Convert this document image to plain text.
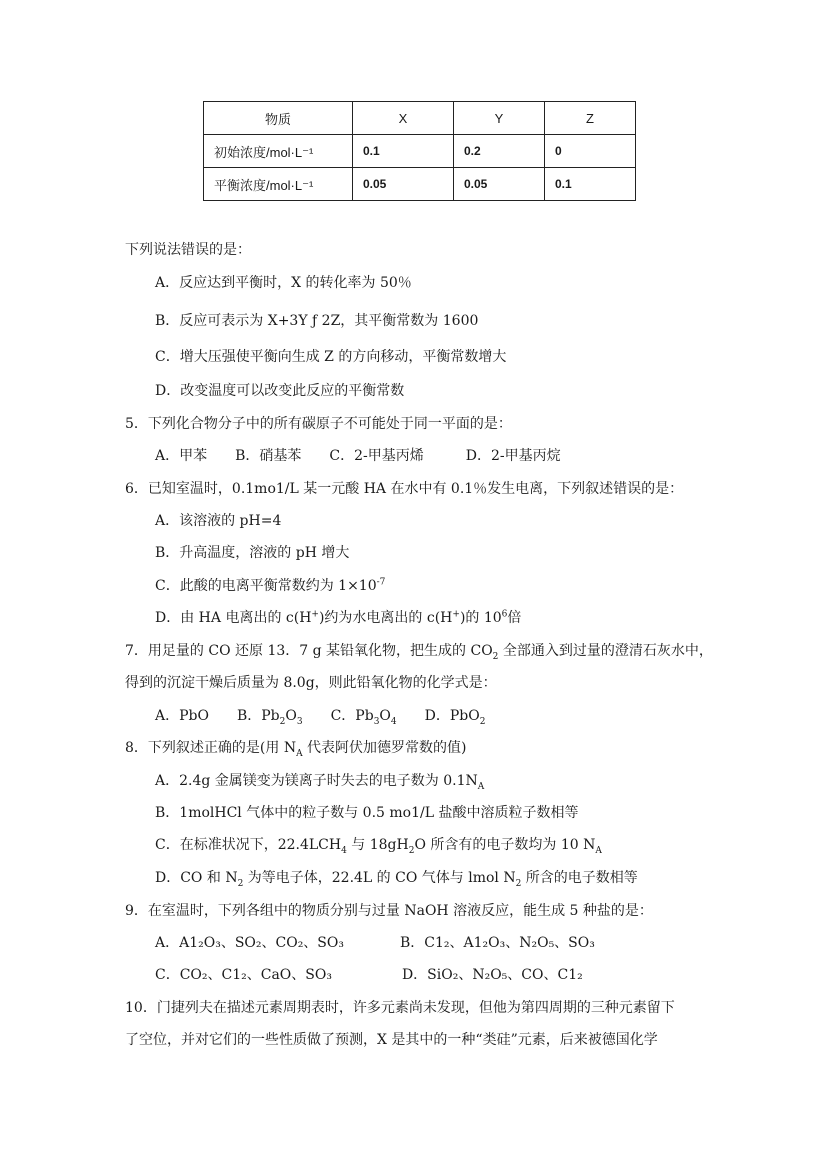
物质	X	Y	Z
初始浓度/mol·L⁻¹	0.1	0.2	0
平衡浓度/mol·L⁻¹	0.05	0.05	0.1
下列说法错误的是：
A．反应达到平衡时，X 的转化率为 50％
B．反应可表示为 X+3Y ƒ 2Z，其平衡常数为 1600
C．增大压强使平衡向生成 Z 的方向移动，平衡常数增大
D．改变温度可以改变此反应的平衡常数
5．下列化合物分子中的所有碳原子不可能处于同一平面的是：
A．甲苯　　B．硝基苯　　C．2-甲基丙烯　　　D．2-甲基丙烷
6．已知室温时，0.1mo1/L 某一元酸 HA 在水中有 0.1％发生电离，下列叙述错误的是：
A．该溶液的 pH=4
B．升高温度，溶液的 pH 增大
C．此酸的电离平衡常数约为 $1\times 10^{-7}$
D．由 HA 电离出的 c(H+)约为水电离出的 c(H+)的 $10^6$倍
7．用足量的 CO 还原 13．7 g 某铅氧化物，把生成的 $CO_2$ 全部通入到过量的澄清石灰水中，
得到的沉淀干燥后质量为 8.0g，则此铅氧化物的化学式是：
A．PbO　　B．$Pb_2O_3$　　C．$Pb_3O_4$　　D．PbO$_2$
8．下列叙述正确的是(用 $N_A$ 代表阿伏加德罗常数的值)
A．2.4g 金属镁变为镁离子时失去的电子数为 $0.1N_A$
B．1molHCl 气体中的粒子数与 0.5 mo1/L 盐酸中溶质粒子数相等
C．在标准状况下，$22.4LCH_4$ 与 $18gH_2O$ 所含有的电子数均为 10 $N_A$
D．CO 和 $N_2$ 为等电子体，22.4L 的 CO 气体与 lmol $N_2$ 所含的电子数相等
9．在室温时，下列各组中的物质分别与过量 NaOH 溶液反应，能生成 5 种盐的是：
A．A1₂O₃、SO₂、CO₂、SO₃　　　　B．C1₂、A1₂O₃、N₂O₅、SO₃
C．CO₂、C1₂、CaO、SO₃　　　　　D．SiO₂、N₂O₅、CO、C1₂
10．门捷列夫在描述元素周期表时，许多元素尚未发现，但他为第四周期的三种元素留下
了空位，并对它们的一些性质做了预测，X 是其中的一种“类硅”元素，后来被德国化学
